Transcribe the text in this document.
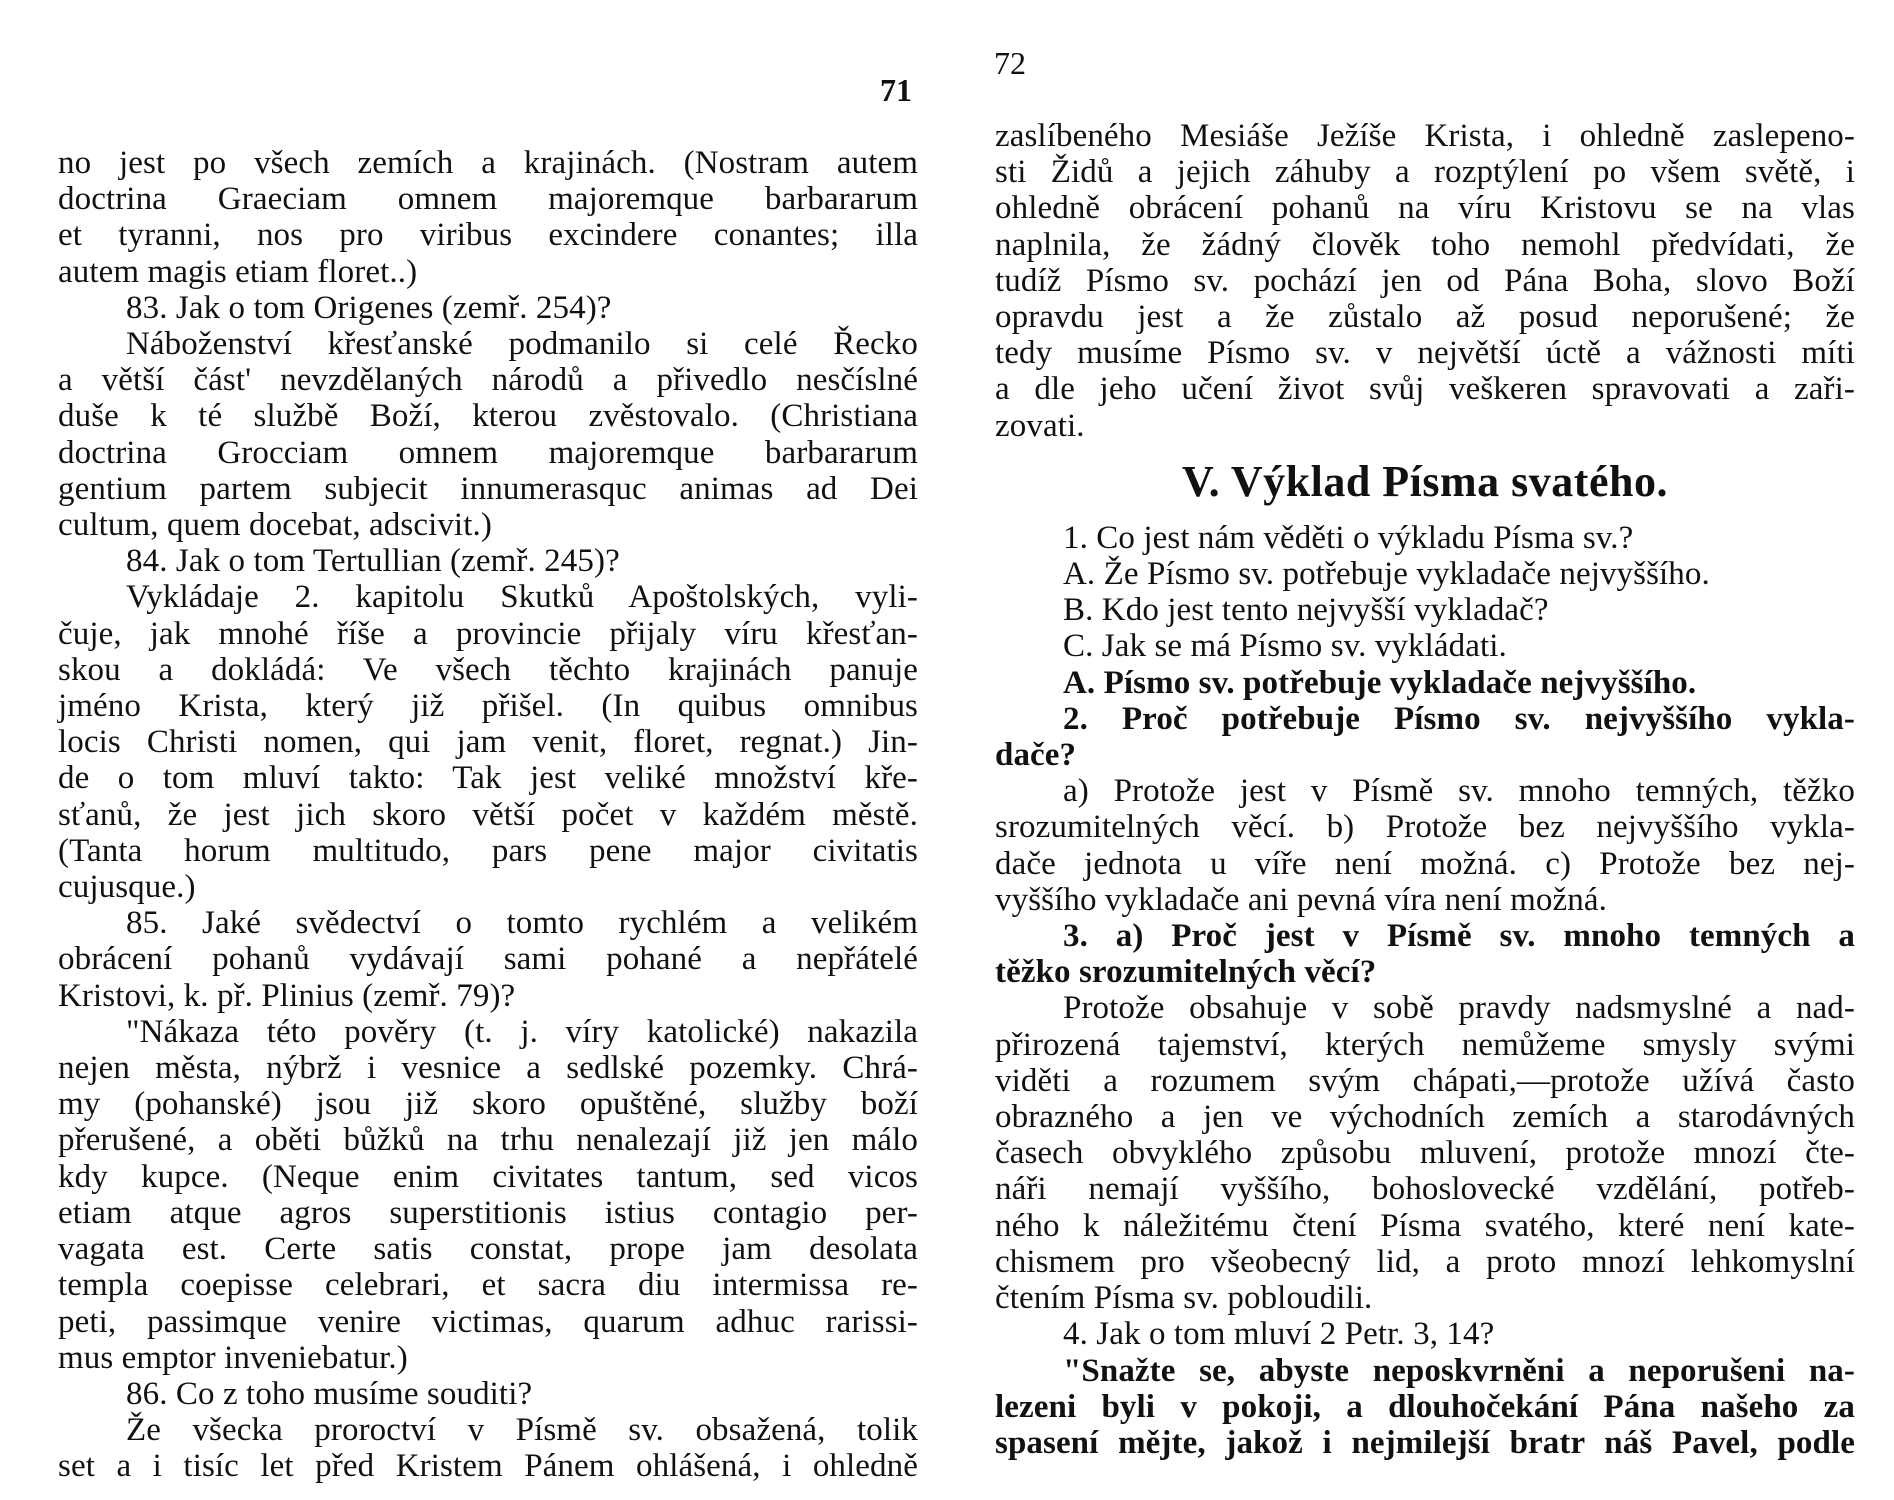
71
no jest po všech zemích a krajinách. (Nostram autem
doctrina Graeciam omnem majoremque barbararum
et tyranni, nos pro viribus excindere conantes; illa
autem magis etiam floret..)
83. Jak o tom Origenes (zemř. 254)?
Náboženství křesťanské podmanilo si celé Řecko
a větší část' nevzdělaných národů a přivedlo nesčíslné
duše k té službě Boží, kterou zvěstovalo. (Christiana
doctrina Grocciam omnem majoremque barbararum
gentium partem subjecit innumerasquc animas ad Dei
cultum, quem docebat, adscivit.)
84. Jak o tom Tertullian (zemř. 245)?
Vykládaje 2. kapitolu Skutků Apoštolských, vyli-
čuje, jak mnohé říše a provincie přijaly víru křesťan-
skou a dokládá: Ve všech těchto krajinách panuje
jméno Krista, který již přišel. (In quibus omnibus
locis Christi nomen, qui jam venit, floret, regnat.) Jin-
de o tom mluví takto: Tak jest veliké množství kře-
sťanů, že jest jich skoro větší počet v každém městě.
(Tanta horum multitudo, pars pene major civitatis
cujusque.)
85. Jaké svědectví o tomto rychlém a velikém
obrácení pohanů vydávají sami pohané a nepřátelé
Kristovi, k. př. Plinius (zemř. 79)?
"Nákaza této pověry (t. j. víry katolické) nakazila
nejen města, nýbrž i vesnice a sedlské pozemky. Chrá-
my (pohanské) jsou již skoro opuštěné, služby boží
přerušené, a oběti bůžků na trhu nenalezají již jen málo
kdy kupce. (Neque enim civitates tantum, sed vicos
etiam atque agros superstitionis istius contagio per-
vagata est. Certe satis constat, prope jam desolata
templa coepisse celebrari, et sacra diu intermissa re-
peti, passimque venire victimas, quarum adhuc rarissi-
mus emptor inveniebatur.)
86. Co z toho musíme souditi?
Že všecka proroctví v Písmě sv. obsažená, tolik
set a i tisíc let před Kristem Pánem ohlášená, i ohledně
72
zaslíbeného Mesiáše Ježíše Krista, i ohledně zaslepeno-
sti Židů a jejich záhuby a rozptýlení po všem světě, i
ohledně obrácení pohanů na víru Kristovu se na vlas
naplnila, že žádný člověk toho nemohl předvídati, že
tudíž Písmo sv. pochází jen od Pána Boha, slovo Boží
opravdu jest a že zůstalo až posud neporušené; že
tedy musíme Písmo sv. v největší úctě a vážnosti míti
a dle jeho učení život svůj veškeren spravovati a zaři-
zovati.
V. Výklad Písma svatého.
1. Co jest nám věděti o výkladu Písma sv.?
A. Že Písmo sv. potřebuje vykladače nejvyššího.
B. Kdo jest tento nejvyšší vykladač?
C. Jak se má Písmo sv. vykládati.
A. Písmo sv. potřebuje vykladače nejvyššího.
2. Proč potřebuje Písmo sv. nejvyššího vykla-
dače?
a) Protože jest v Písmě sv. mnoho temných, těžko
srozumitelných věcí. b) Protože bez nejvyššího vykla-
dače jednota u víře není možná. c) Protože bez nej-
vyššího vykladače ani pevná víra není možná.
3. a) Proč jest v Písmě sv. mnoho temných a
těžko srozumitelných věcí?
Protože obsahuje v sobě pravdy nadsmyslné a nad-
přirozená tajemství, kterých nemůžeme smysly svými
viděti a rozumem svým chápati,—protože užívá často
obrazného a jen ve východních zemích a starodávných
časech obvyklého způsobu mluvení, protože mnozí čte-
náři nemají vyššího, bohoslovecké vzdělání, potřeb-
ného k náležitému čtení Písma svatého, které není kate-
chismem pro všeobecný lid, a proto mnozí lehkomyslní
čtením Písma sv. pobloudili.
4. Jak o tom mluví 2 Petr. 3, 14?
"Snažte se, abyste neposkvrněni a neporušeni na-
lezeni byli v pokoji, a dlouhočekání Pána našeho za
spasení mějte, jakož i nejmilejší bratr náš Pavel, podle
